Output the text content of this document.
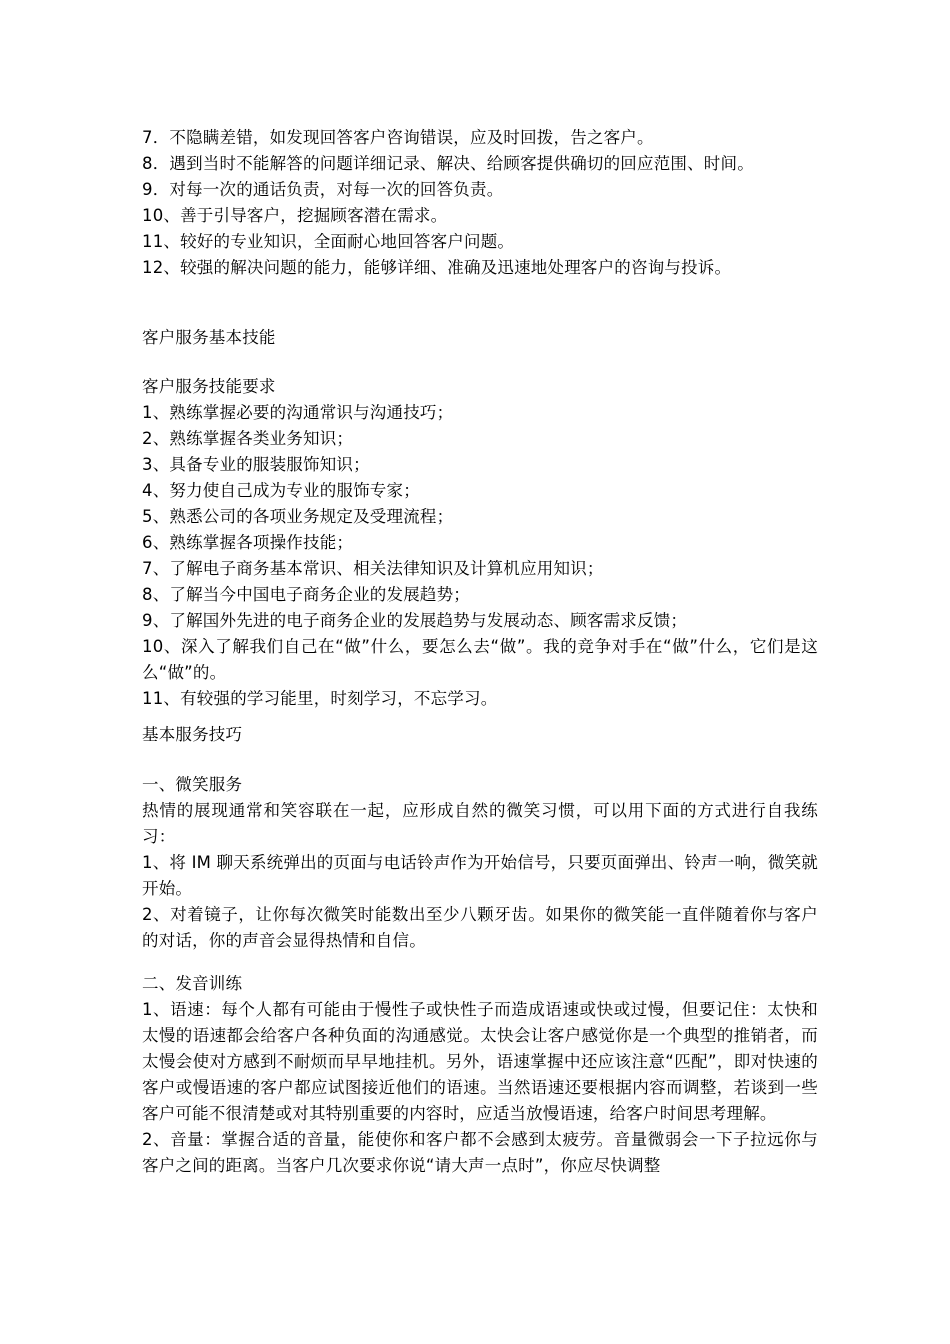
7．不隐瞒差错，如发现回答客户咨询错误，应及时回拨，告之客户。

8．遇到当时不能解答的问题详细记录、解决、给顾客提供确切的回应范围、时间。

9．对每一次的通话负责，对每一次的回答负责。

10、善于引导客户，挖掘顾客潜在需求。

11、较好的专业知识，全面耐心地回答客户问题。

12、较强的解决问题的能力，能够详细、准确及迅速地处理客户的咨询与投诉。

客户服务基本技能

客户服务技能要求

1、熟练掌握必要的沟通常识与沟通技巧；

2、熟练掌握各类业务知识；

3、具备专业的服装服饰知识；

4、努力使自己成为专业的服饰专家；

5、熟悉公司的各项业务规定及受理流程；

6、熟练掌握各项操作技能；

7、了解电子商务基本常识、相关法律知识及计算机应用知识；

8、了解当今中国电子商务企业的发展趋势；

9、了解国外先进的电子商务企业的发展趋势与发展动态、顾客需求反馈；

10、深入了解我们自己在“做”什么，要怎么去“做”。我的竞争对手在“做”什么，它们是这么“做”的。

11、有较强的学习能里，时刻学习，不忘学习。

基本服务技巧

一、微笑服务

热情的展现通常和笑容联在一起，应形成自然的微笑习惯，可以用下面的方式进行自我练习：

1、将 IM 聊天系统弹出的页面与电话铃声作为开始信号，只要页面弹出、铃声一响，微笑就开始。

2、对着镜子，让你每次微笑时能数出至少八颗牙齿。如果你的微笑能一直伴随着你与客户的对话，你的声音会显得热情和自信。

二、发音训练

1、语速：每个人都有可能由于慢性子或快性子而造成语速或快或过慢，但要记住：太快和太慢的语速都会给客户各种负面的沟通感觉。太快会让客户感觉你是一个典型的推销者，而太慢会使对方感到不耐烦而早早地挂机。另外，语速掌握中还应该注意“匹配”，即对快速的客户或慢语速的客户都应试图接近他们的语速。当然语速还要根据内容而调整，若谈到一些客户可能不很清楚或对其特别重要的内容时，应适当放慢语速，给客户时间思考理解。

2、音量：掌握合适的音量，能使你和客户都不会感到太疲劳。音量微弱会一下子拉远你与客户之间的距离。当客户几次要求你说“请大声一点时”，你应尽快调整
